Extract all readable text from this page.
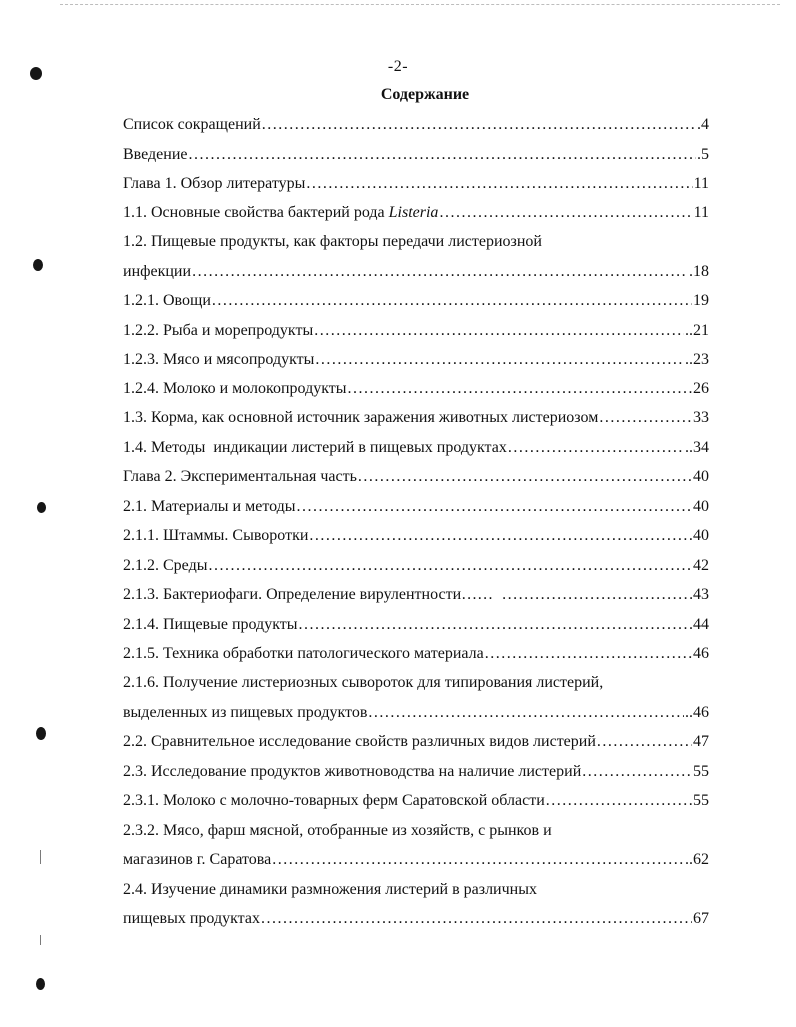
-2-
Содержание
Список сокращений .....	.4
Введение .....	.5
Глава 1. Обзор литературы .....	11
1.1. Основные свойства бактерий рода Listeria .....	11
1.2. Пищевые продукты, как факторы передачи листериозной
инфекции .....	.18
1.2.1. Овощи .....	19
1.2.2. Рыба и морепродукты .....	..21
1.2.3. Мясо и мясопродукты .....	..23
1.2.4. Молоко и молокопродукты .....	26
1.3. Корма, как основной источник заражения животных листериозом .....	33
1.4. Методы  индикации листерий в пищевых продуктах .....	..34
Глава 2. Экспериментальная часть .....	40
2.1. Материалы и методы .....	40
2.1.1. Штаммы. Сыворотки .....	40
2.1.2. Среды .....	42
2.1.3. Бактериофаги. Определение вирулентности…… .....	43
2.1.4. Пищевые продукты .....	44
2.1.5. Техника обработки патологического материала .....	46
2.1.6. Получение листериозных сывороток для типирования листерий,
выделенных из пищевых продуктов .....	..46
2.2. Сравнительное исследование свойств различных видов листерий .....	47
2.3. Исследование продуктов животноводства на наличие листерий .....	55
2.3.1. Молоко с молочно-товарных ферм Саратовской области .....	55
2.3.2. Мясо, фарш мясной, отобранные из хозяйств, с рынков и
магазинов г. Саратова .....	..62
2.4. Изучение динамики размножения листерий в различных
пищевых продуктах .....	67
